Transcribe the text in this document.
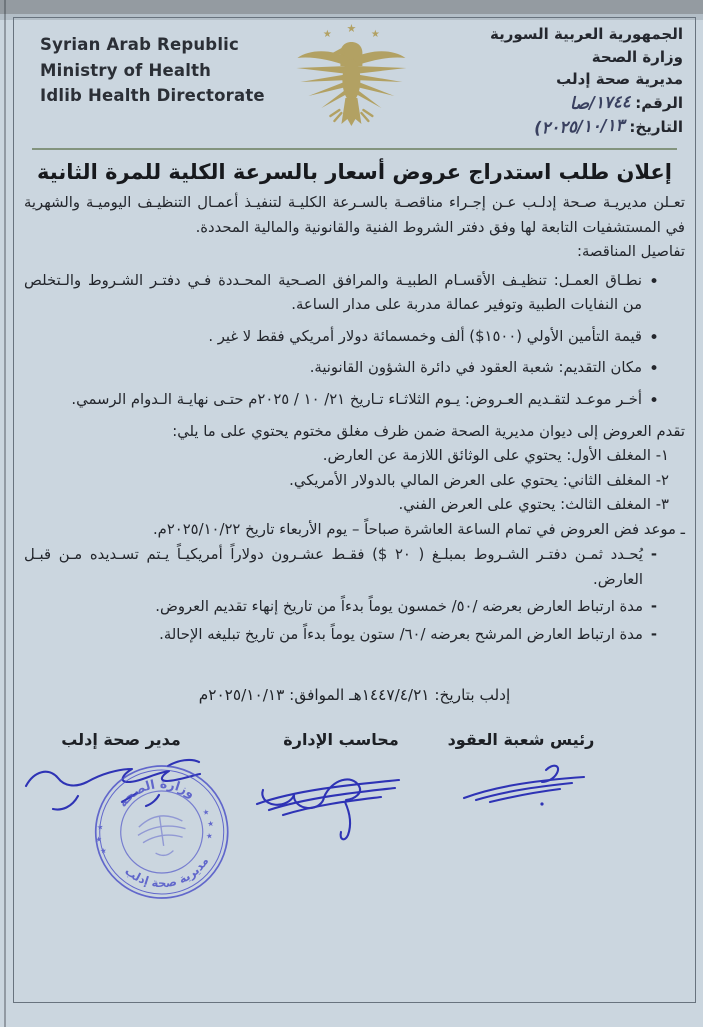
Syrian Arab Republic
Ministry of Health
Idlib Health Directorate
★ ★ ★	الجمهورية العربية السورية
وزارة الصحة
مديرية صحة إدلب
الرقم: ١٧٤٤/صا
التاريخ: ٢٠٢٥/١٠/١٣)
إعلان طلب استدراج عروض أسعار بالسرعة الكلية للمرة الثانية

تعـلن مديريـة صـحة إدلـب عـن إجـراء مناقصـة بالسـرعة الكليـة لتنفيـذ أعمـال التنظيـف اليوميـة والشهرية في المستشفيات التابعة لها وفق دفتر الشروط الفنية والقانونية والمالية المحددة.

تفاصيل المناقصة:

• نطـاق العمـل: تنظيـف الأقسـام الطبيـة والمرافق الصـحية المحـددة فـي دفتـر الشـروط والـتخلص من النفايات الطبية وتوفير عمالة مدربة على مدار الساعة.
• قيمة التأمين الأولي (١٥٠٠$) ألف وخمسمائة دولار أمريكي فقط لا غير .
• مكان التقديم: شعبة العقود في دائرة الشؤون القانونية.
• أخـر موعـد لتقـديم العـروض: يـوم الثلاثـاء تـاريخ ٢١/ ١٠ / ٢٠٢٥م حتـى نهايـة الـدوام الرسمي.

تقدم العروض إلى ديوان مديرية الصحة ضمن ظرف مغلق مختوم يحتوي على ما يلي:

١- المغلف الأول: يحتوي على الوثائق اللازمة عن العارض.

٢- المغلف الثاني: يحتوي على العرض المالي بالدولار الأمريكي.

٣- المغلف الثالث: يحتوي على العرض الفني.

ـ موعد فض العروض في تمام الساعة العاشرة صباحاً – يوم الأربعاء تاريخ ٢٠٢٥/١٠/٢٢م.

- يُحـدد ثمـن دفتـر الشـروط بمبلـغ ( ٢٠ $) فقـط عشـرون دولاراً أمريكيـاً يـتم تسـديده مـن قبـل العارض.
- مدة ارتباط العارض بعرضه /٥٠/ خمسون يوماً بدءاً من تاريخ إنهاء تقديم العروض.
- مدة ارتباط العارض المرشح بعرضه /٦٠/ ستون يوماً بدءاً من تاريخ تبليغه الإحالة.
إدلب بتاريخ: ١٤٤٧/٤/٢١هـ الموافق: ٢٠٢٥/١٠/١٣م
رئيس شعبة العقود
محاسب الإدارة
مدير صحة إدلب
وزارة الصحة
مديرية صحة إدلب
★
★
★
★
★
★
